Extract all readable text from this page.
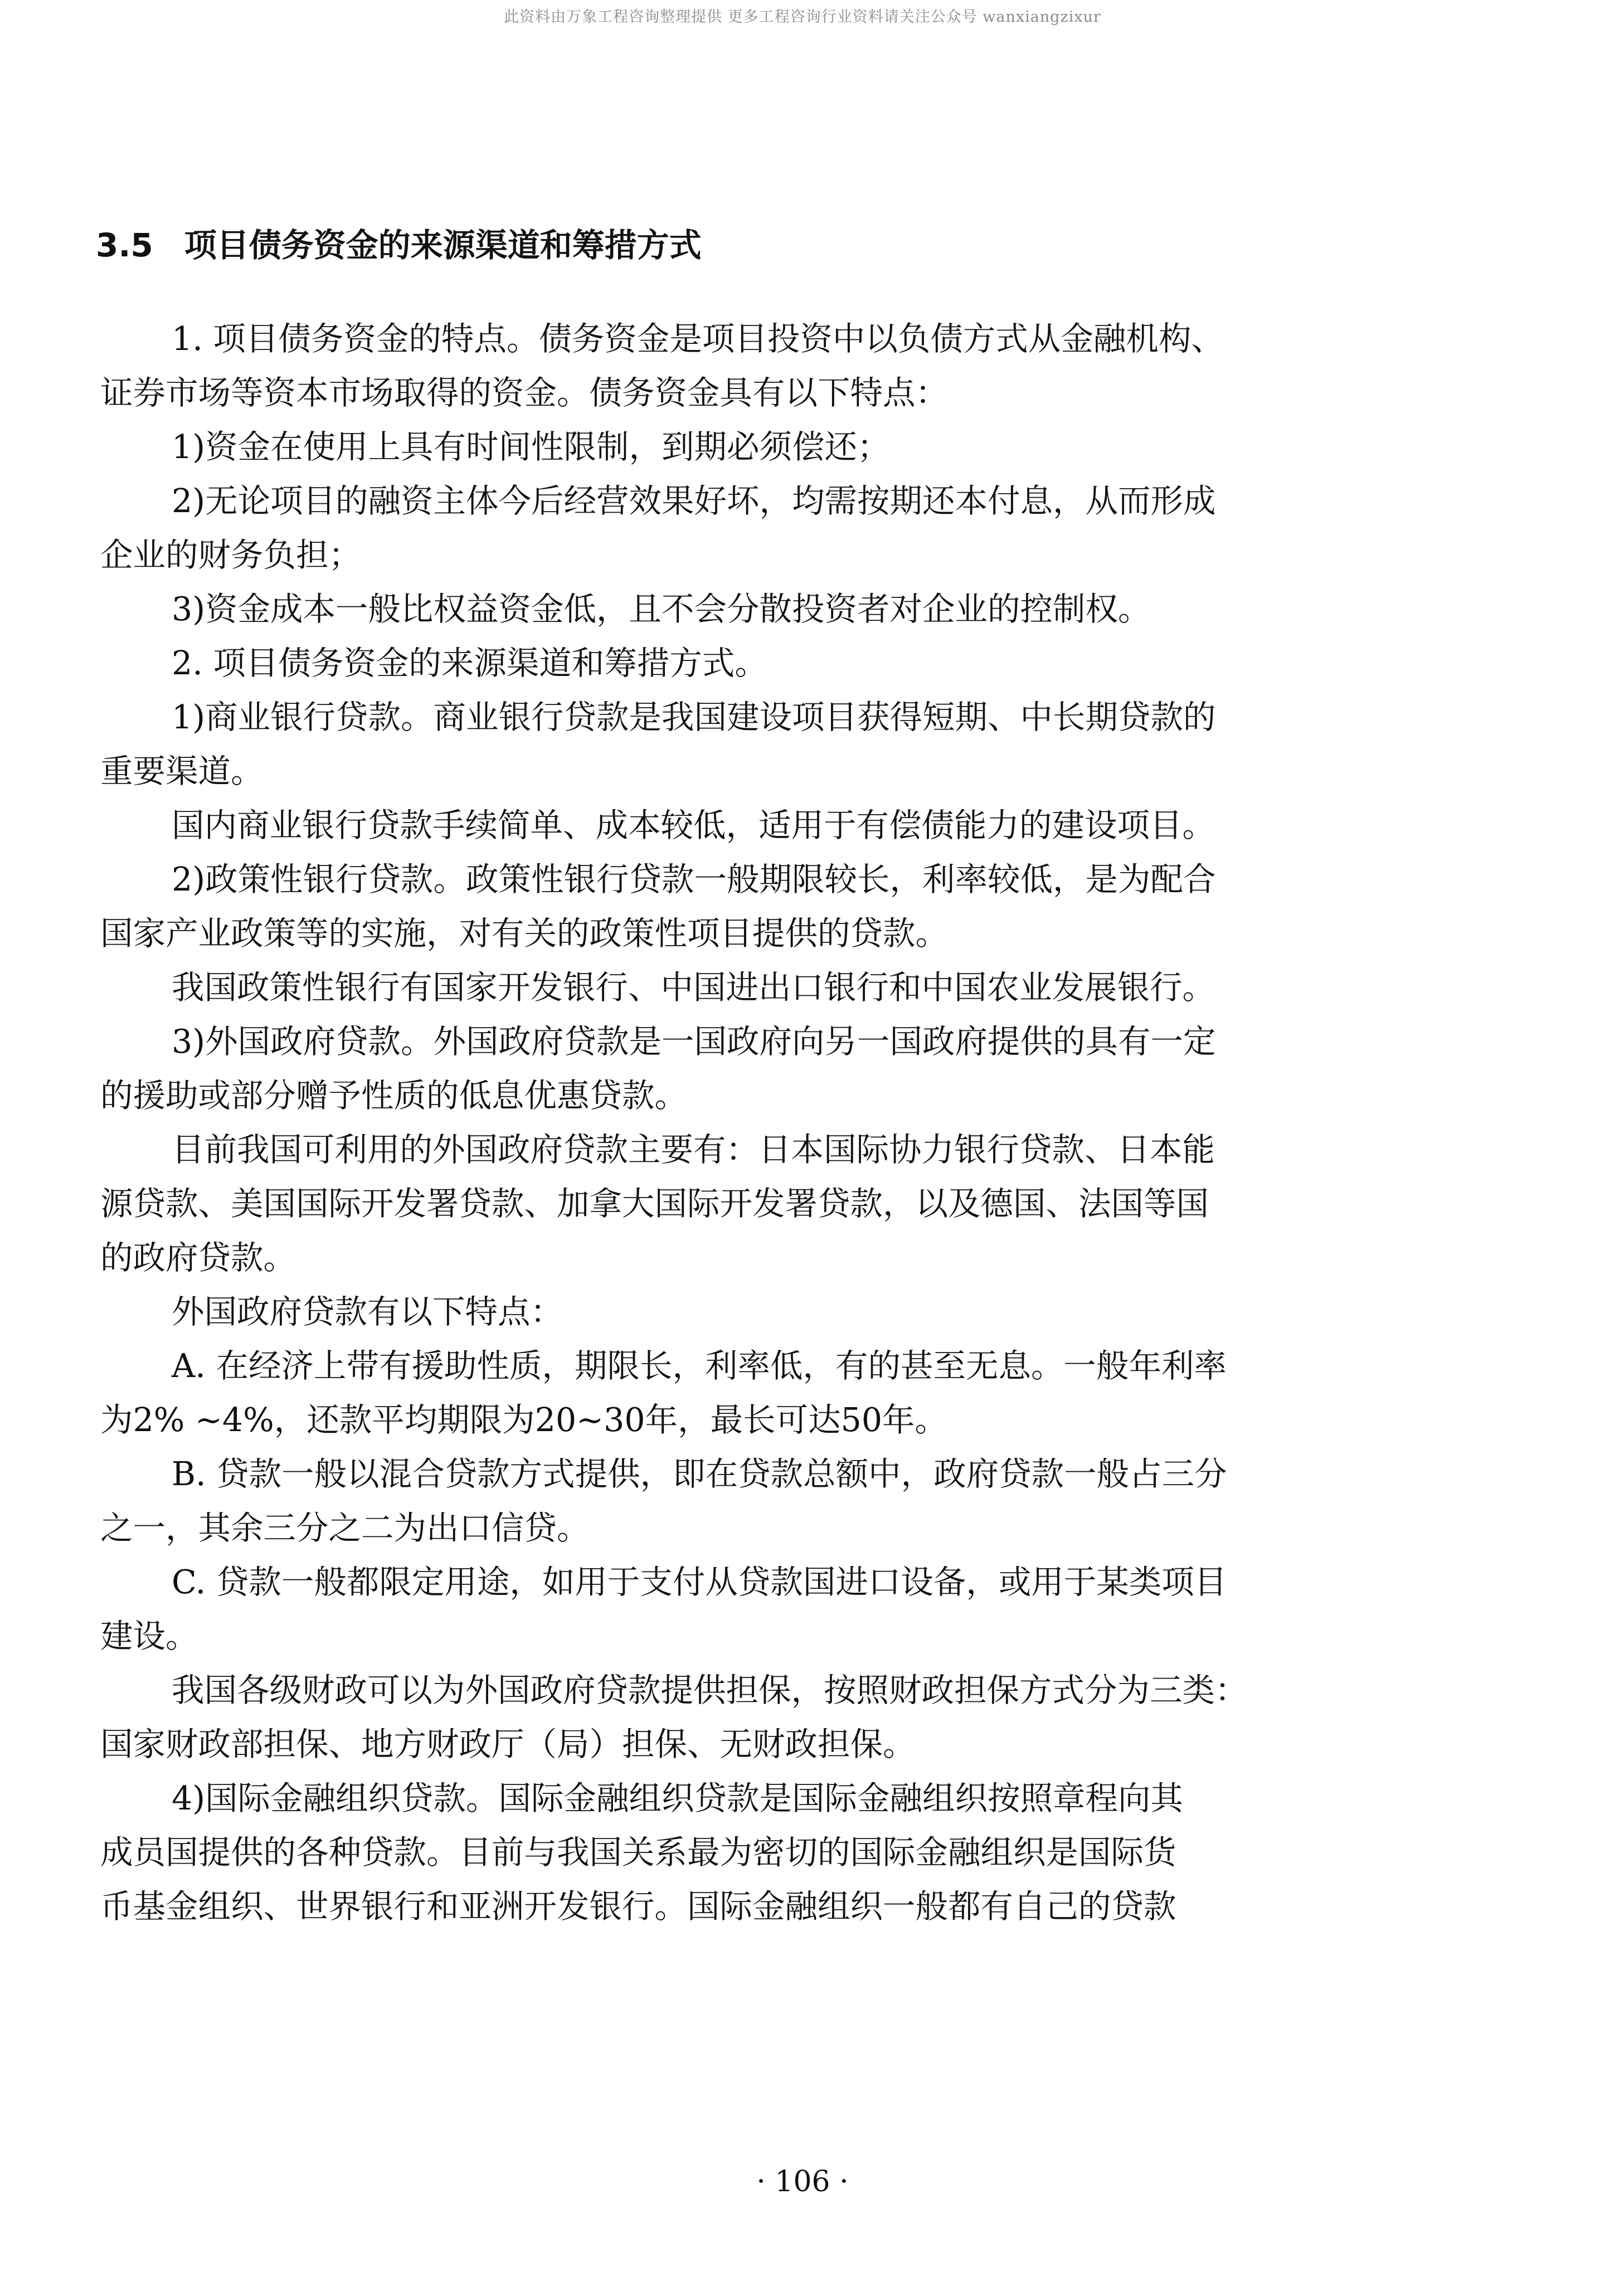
此资料由万象工程咨询整理提供 更多工程咨询行业资料请关注公众号 wanxiangzixur
3.5 项目债务资金的来源渠道和筹措方式
1. 项目债务资金的特点。债务资金是项目投资中以负债方式从金融机构、
证券市场等资本市场取得的资金。债务资金具有以下特点：
1)资金在使用上具有时间性限制，到期必须偿还；
2)无论项目的融资主体今后经营效果好坏，均需按期还本付息，从而形成
企业的财务负担；
3)资金成本一般比权益资金低，且不会分散投资者对企业的控制权。
2. 项目债务资金的来源渠道和筹措方式。
1)商业银行贷款。商业银行贷款是我国建设项目获得短期、中长期贷款的
重要渠道。
国内商业银行贷款手续简单、成本较低，适用于有偿债能力的建设项目。
2)政策性银行贷款。政策性银行贷款一般期限较长，利率较低，是为配合
国家产业政策等的实施，对有关的政策性项目提供的贷款。
我国政策性银行有国家开发银行、中国进出口银行和中国农业发展银行。
3)外国政府贷款。外国政府贷款是一国政府向另一国政府提供的具有一定
的援助或部分赠予性质的低息优惠贷款。
目前我国可利用的外国政府贷款主要有：日本国际协力银行贷款、日本能
源贷款、美国国际开发署贷款、加拿大国际开发署贷款，以及德国、法国等国
的政府贷款。
外国政府贷款有以下特点：
A. 在经济上带有援助性质，期限长，利率低，有的甚至无息。一般年利率
为2% ~4%，还款平均期限为20~30年，最长可达50年。
B. 贷款一般以混合贷款方式提供，即在贷款总额中，政府贷款一般占三分
之一，其余三分之二为出口信贷。
C. 贷款一般都限定用途，如用于支付从贷款国进口设备，或用于某类项目
建设。
我国各级财政可以为外国政府贷款提供担保，按照财政担保方式分为三类：
国家财政部担保、地方财政厅（局）担保、无财政担保。
4)国际金融组织贷款。国际金融组织贷款是国际金融组织按照章程向其
成员国提供的各种贷款。目前与我国关系最为密切的国际金融组织是国际货
币基金组织、世界银行和亚洲开发银行。国际金融组织一般都有自己的贷款
· 106 ·
